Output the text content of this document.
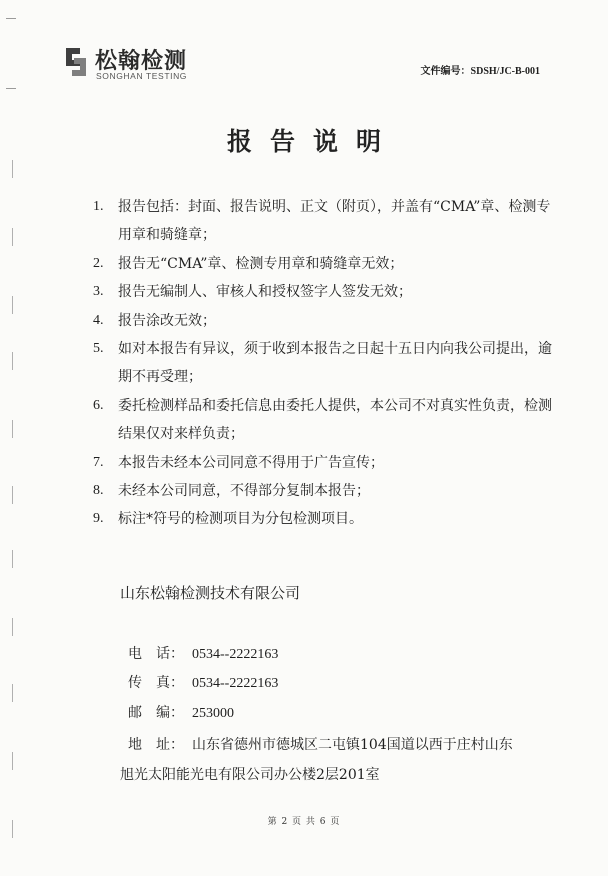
松翰检测
SONGHAN TESTING	文件编号：SDSH/JC-B-001
报告说明
1. 报告包括：封面、报告说明、正文（附页），并盖有“CMA”章、检测专用章和骑缝章；
2. 报告无“CMA”章、检测专用章和骑缝章无效；
3. 报告无编制人、审核人和授权签字人签发无效；
4. 报告涂改无效；
5. 如对本报告有异议，须于收到本报告之日起十五日内向我公司提出，逾期不再受理；
6. 委托检测样品和委托信息由委托人提供，本公司不对真实性负责，检测结果仅对来样负责；
7. 本报告未经本公司同意不得用于广告宣传；
8. 未经本公司同意，不得部分复制本报告；
9. 标注*符号的检测项目为分包检测项目。
山东松翰检测技术有限公司
电　话： 0534--2222163
传　真： 0534--2222163
邮　编： 253000
地　址： 山东省德州市德城区二屯镇104国道以西于庄村山东
旭光太阳能光电有限公司办公楼2层201室
第 2 页 共 6 页
